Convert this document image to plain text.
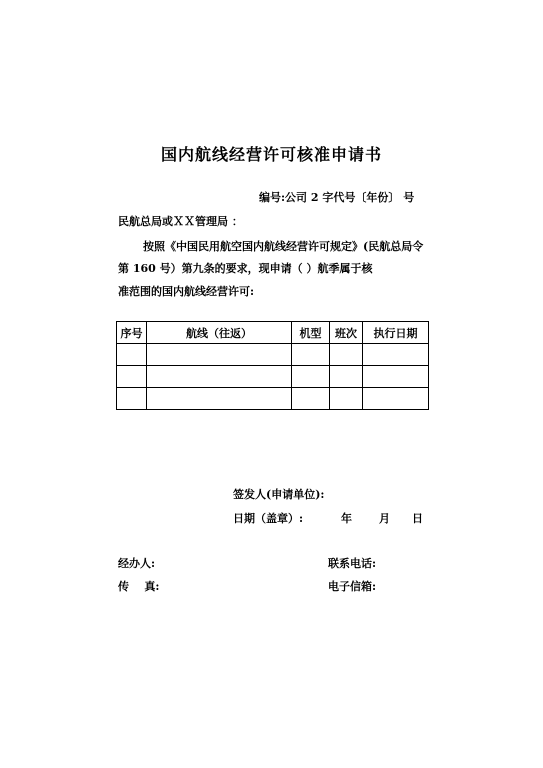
国内航线经营许可核准申请书
编号:公司 2 字代号〔年份〕 号
民航总局或ＸＸ管理局 ：
按照《中国民用航空国内航线经营许可规定》(民航总局令
第 160 号）第九条的要求，现申请（ ）航季属于核
准范围的国内航线经营许可:
序号	航线（往返）	机型	班次	执行日期

签发人(申请单位):
日期（盖章）:	年 月 日
经办人:	联系电话:
传    真:	电子信箱:
